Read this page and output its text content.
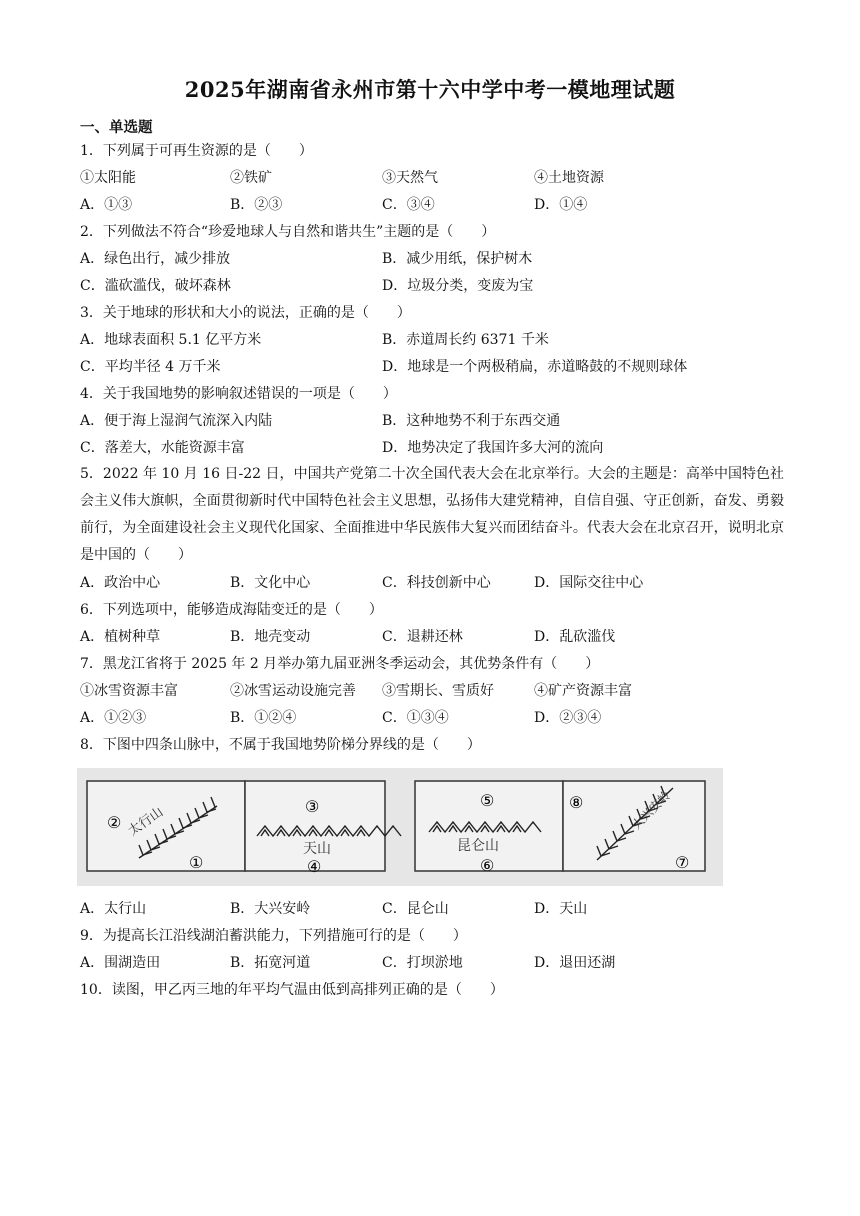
2025年湖南省永州市第十六中学中考一模地理试题
一、单选题
1．下列属于可再生资源的是（　　）
①太阳能	②铁矿	③天然气	④土地资源
A．①③	B．②③	C．③④	D．①④
2．下列做法不符合“珍爱地球人与自然和谐共生”主题的是（　　）
A．绿色出行，减少排放	B．减少用纸，保护树木
C．滥砍滥伐，破坏森林	D．垃圾分类，变废为宝
3．关于地球的形状和大小的说法，正确的是（　　）
A．地球表面积 5.1 亿平方米	B．赤道周长约 6371 千米
C．平均半径 4 万千米	D．地球是一个两极稍扁，赤道略鼓的不规则球体
4．关于我国地势的影响叙述错误的一项是（　　）
A．便于海上湿润气流深入内陆	B．这种地势不利于东西交通
C．落差大，水能资源丰富	D．地势决定了我国许多大河的流向
5．2022 年 10 月 16 日-22 日，中国共产党第二十次全国代表大会在北京举行。大会的主题是：高举中国特色社会主义伟大旗帜，全面贯彻新时代中国特色社会主义思想，弘扬伟大建党精神，自信自强、守正创新，奋发、勇毅前行，为全面建设社会主义现代化国家、全面推进中华民族伟大复兴而团结奋斗。代表大会在北京召开，说明北京是中国的（　　）
A．政治中心	B．文化中心	C．科技创新中心	D．国际交往中心
6．下列选项中，能够造成海陆变迁的是（　　）
A．植树种草	B．地壳变动	C．退耕还林	D．乱砍滥伐
7．黑龙江省将于 2025 年 2 月举办第九届亚洲冬季运动会，其优势条件有（　　）
①冰雪资源丰富	②冰雪运动设施完善 ③雪期长、雪质好	④矿产资源丰富
A．①②③	B．①②④	C．①③④	D．②③④
8．下图中四条山脉中，不属于我国地势阶梯分界线的是（　　）
②
①
太行山	③
天山
④
⑤
昆仑山
⑥
⑧
⑦
大兴安岭
A．太行山	B．大兴安岭	C．昆仑山	D．天山
9．为提高长江沿线湖泊蓄洪能力，下列措施可行的是（　　）
A．围湖造田	B．拓宽河道	C．打坝淤地	D．退田还湖
10．读图，甲乙丙三地的年平均气温由低到高排列正确的是（　　）
